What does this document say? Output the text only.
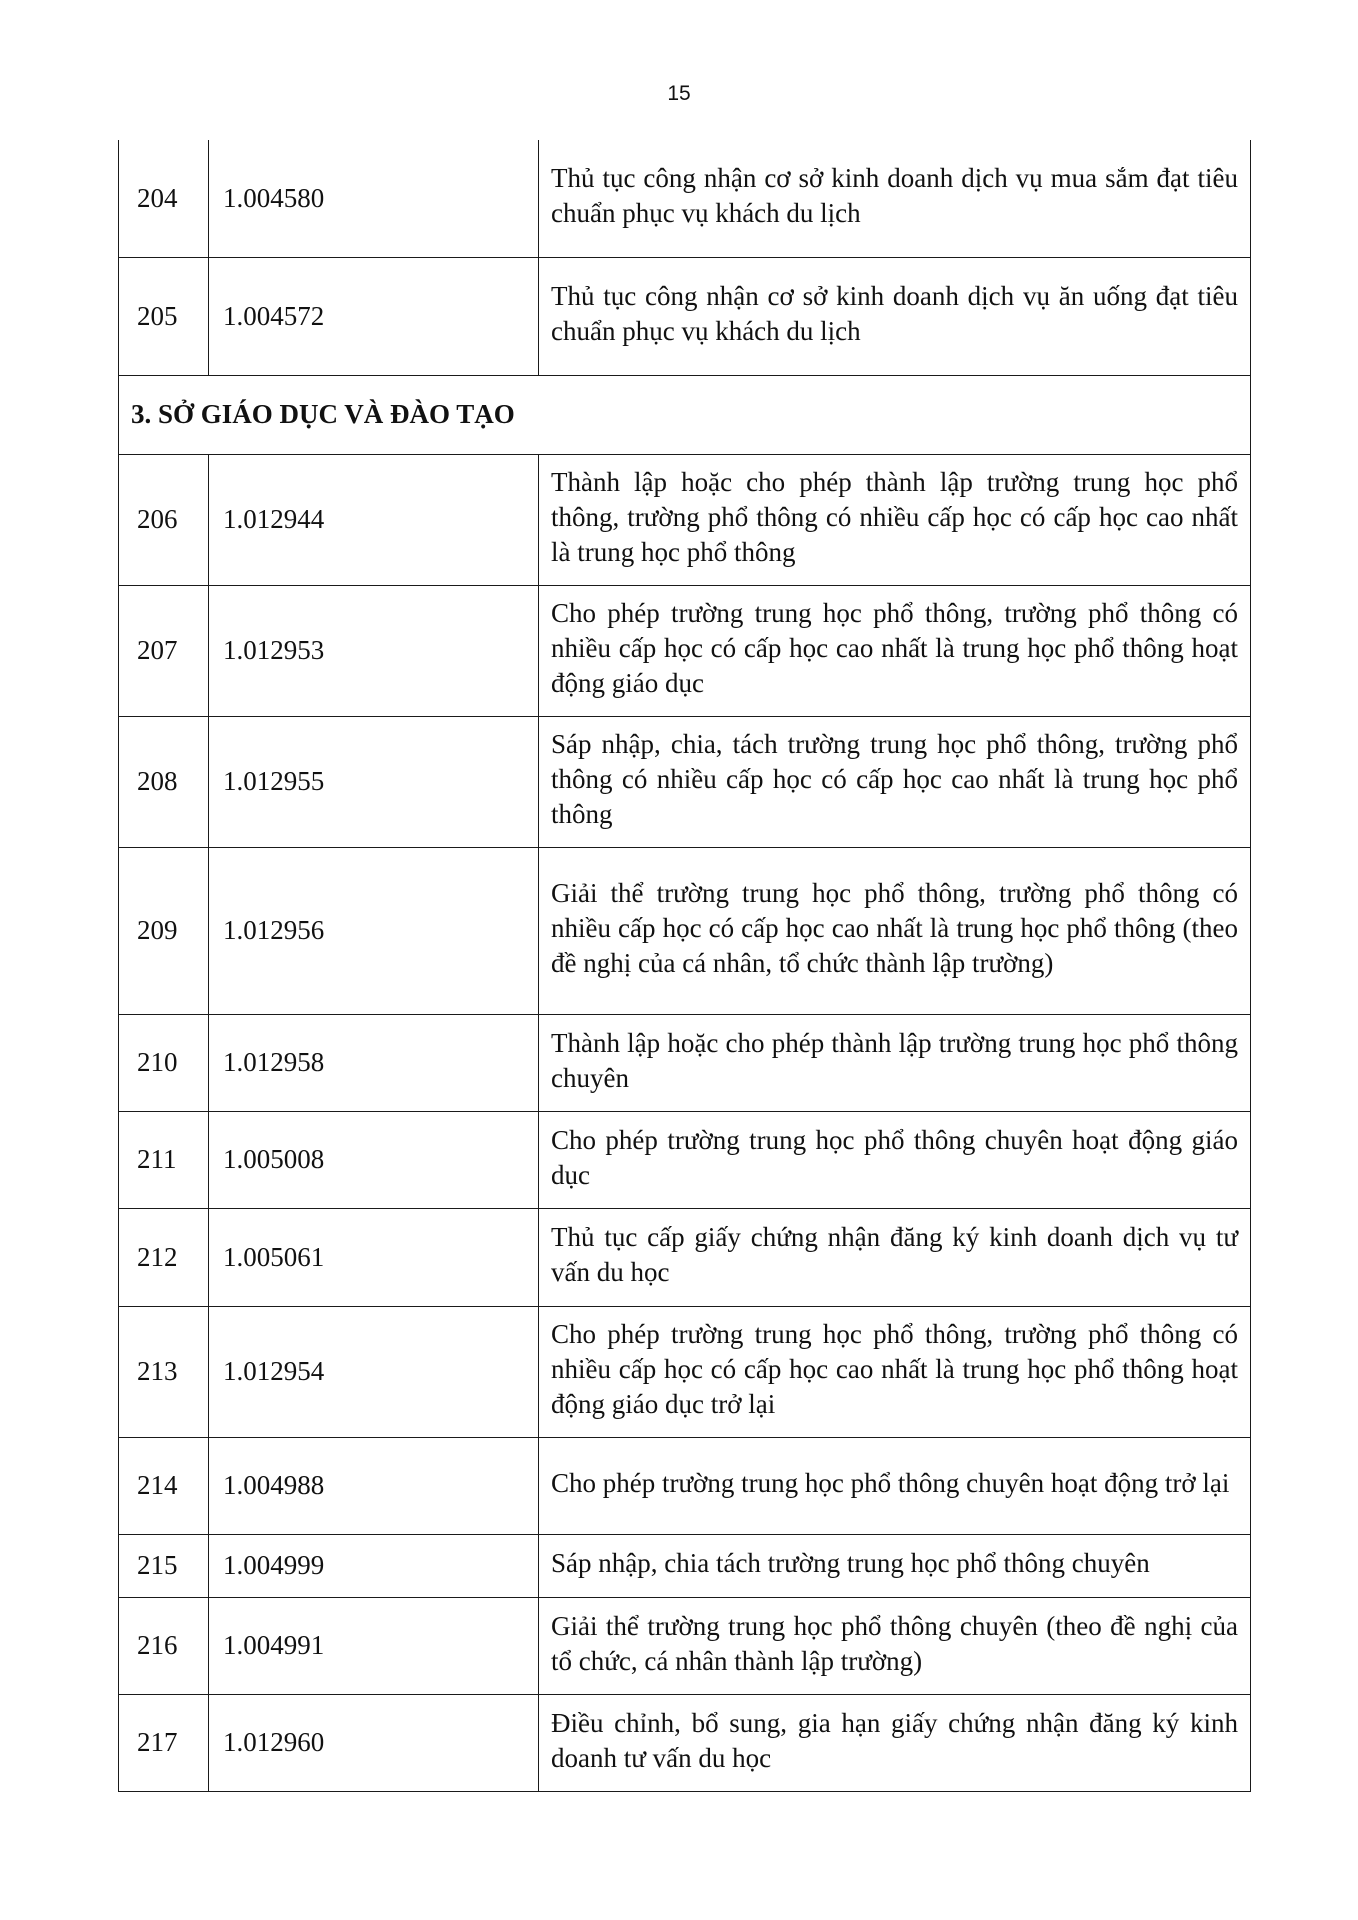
15
204	1.004580	Thủ tục công nhận cơ sở kinh doanh dịch vụ mua sắm đạt tiêu chuẩn phục vụ khách du lịch
205	1.004572	Thủ tục công nhận cơ sở kinh doanh dịch vụ ăn uống đạt tiêu chuẩn phục vụ khách du lịch
3. SỞ GIÁO DỤC VÀ ĐÀO TẠO		
206	1.012944	Thành lập hoặc cho phép thành lập trường trung học phổ thông, trường phổ thông có nhiều cấp học có cấp học cao nhất là trung học phổ thông
207	1.012953	Cho phép trường trung học phổ thông, trường phổ thông có nhiều cấp học có cấp học cao nhất là trung học phổ thông hoạt động giáo dục
208	1.012955	Sáp nhập, chia, tách trường trung học phổ thông, trường phổ thông có nhiều cấp học có cấp học cao nhất là trung học phổ thông
209	1.012956	Giải thể trường trung học phổ thông, trường phổ thông có nhiều cấp học có cấp học cao nhất là trung học phổ thông (theo đề nghị của cá nhân, tổ chức thành lập trường)
210	1.012958	Thành lập hoặc cho phép thành lập trường trung học phổ thông chuyên
211	1.005008	Cho phép trường trung học phổ thông chuyên hoạt động giáo dục
212	1.005061	Thủ tục cấp giấy chứng nhận đăng ký kinh doanh dịch vụ tư vấn du học
213	1.012954	Cho phép trường trung học phổ thông, trường phổ thông có nhiều cấp học có cấp học cao nhất là trung học phổ thông hoạt động giáo dục trở lại
214	1.004988	Cho phép trường trung học phổ thông chuyên hoạt động trở lại
215	1.004999	Sáp nhập, chia tách trường trung học phổ thông chuyên
216	1.004991	Giải thể trường trung học phổ thông chuyên (theo đề nghị của tổ chức, cá nhân thành lập trường)
217	1.012960	Điều chỉnh, bổ sung, gia hạn giấy chứng nhận đăng ký kinh doanh tư vấn du học
